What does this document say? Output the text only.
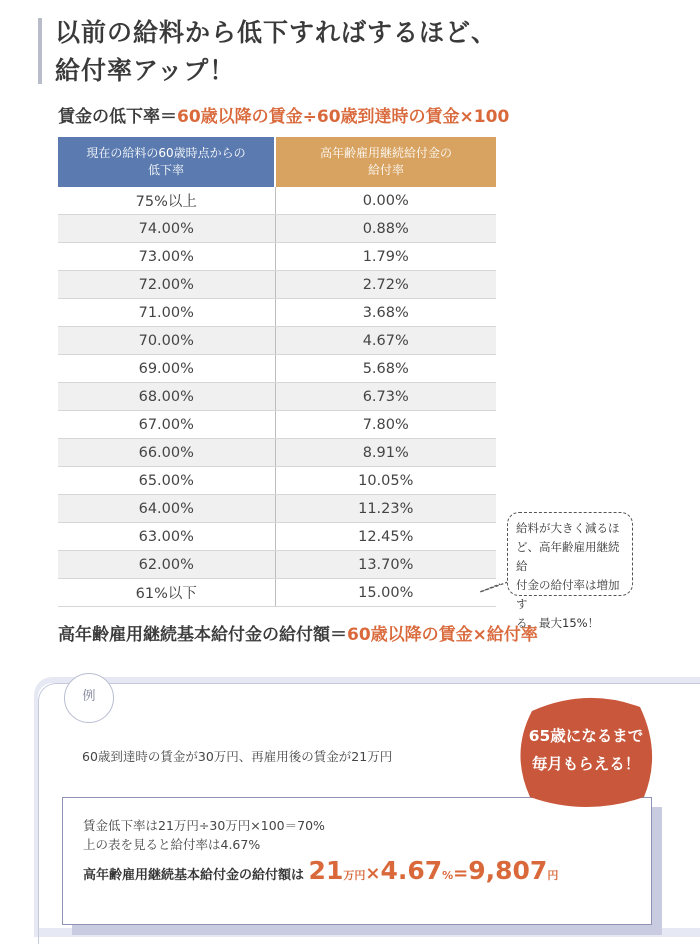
以前の給料から低下すればするほど、
給付率アップ！
賃金の低下率＝60歳以降の賃金÷60歳到達時の賃金×100
現在の給料の60歳時点からの
低下率	高年齢雇用継続給付金の
給付率
75%以上	0.00%
74.00%	0.88%
73.00%	1.79%
72.00%	2.72%
71.00%	3.68%
70.00%	4.67%
69.00%	5.68%
68.00%	6.73%
67.00%	7.80%
66.00%	8.91%
65.00%	10.05%
64.00%	11.23%
63.00%	12.45%
62.00%	13.70%
61%以下	15.00%
給料が大きく減るほ
ど、高年齢雇用継続給
付金の給付率は増加す
る。最大15%！
高年齢雇用継続基本給付金の給付額＝60歳以降の賃金×給付率
例
60歳到達時の賃金が30万円、再雇用後の賃金が21万円
賃金低下率は21万円÷30万円×100＝70%
上の表を見ると給付率は4.67%
高年齢雇用継続基本給付金の給付額は 21万円×4.67%=9,807円
65歳になるまで
毎月もらえる！
